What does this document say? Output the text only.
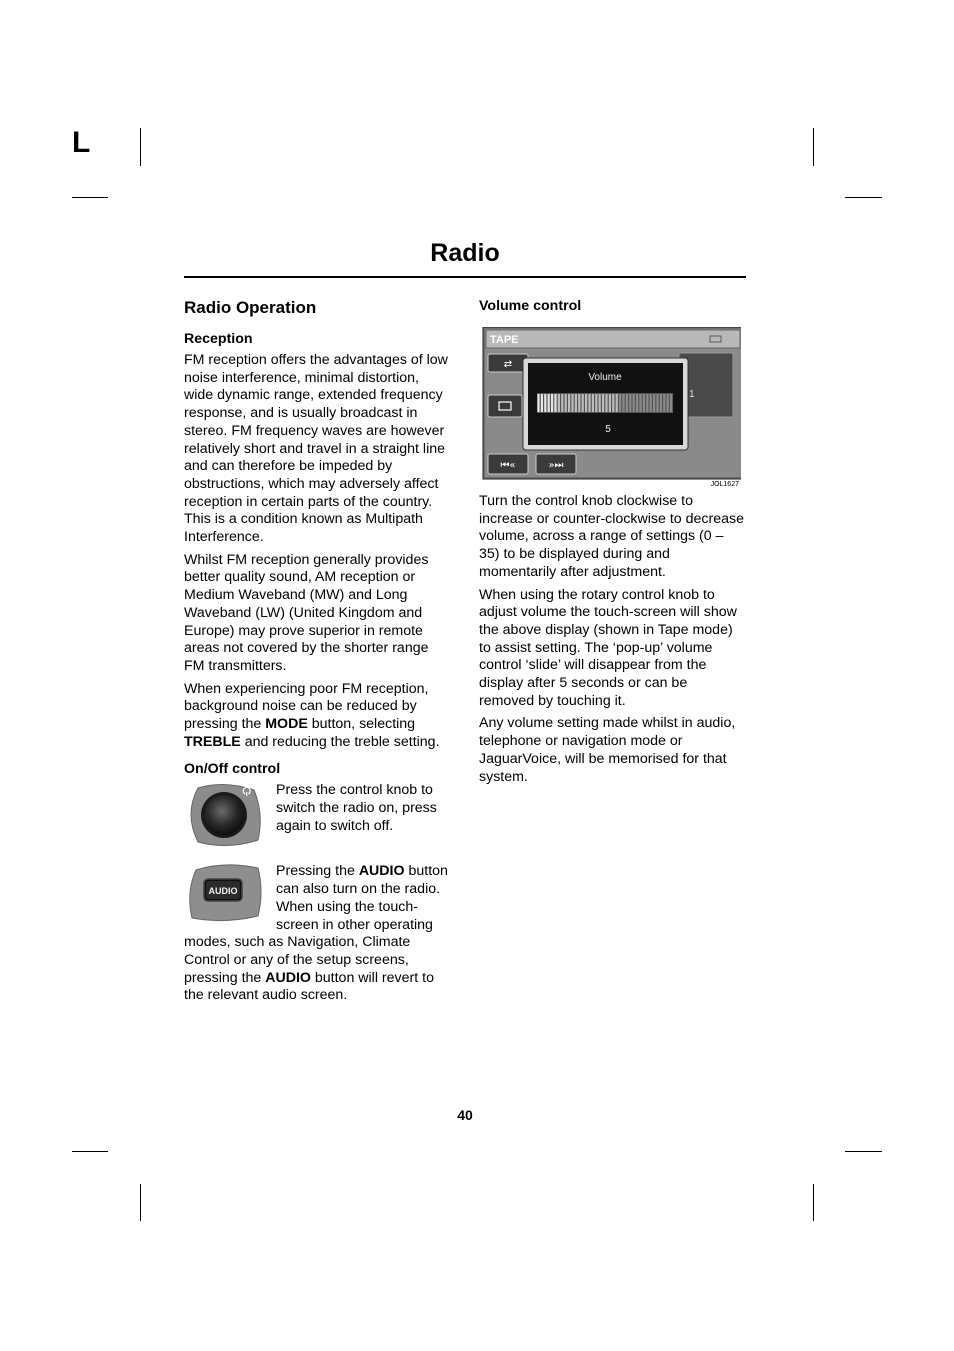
L
Radio
Radio Operation
Reception

FM reception offers the advantages of low noise interference, minimal distortion, wide dynamic range, extended frequency response, and is usually broadcast in stereo. FM frequency waves are however relatively short and travel in a straight line and can therefore be impeded by obstructions, which may adversely affect reception in certain parts of the country. This is a condition known as Multipath Interference.

Whilst FM reception generally provides better quality sound, AM reception or Medium Waveband (MW) and Long Waveband (LW) (United Kingdom and Europe) may prove superior in remote areas not covered by the shorter range FM transmitters.

When experiencing poor FM reception, background noise can be reduced by pressing the MODE button, selecting TREBLE and reducing the treble setting.

On/Off control

Press the control knob to switch the radio on, press again to switch off.

AUDIO

Pressing the AUDIO button can also turn on the radio. When using the touch-screen in other operating modes, such as Navigation, Climate Control or any of the setup screens, pressing the AUDIO button will revert to the relevant audio screen.

Volume control
TAPE
1
⇄
⏮«	»⏭
Volume
5
JOL1627

Turn the control knob clockwise to increase or counter-clockwise to decrease volume, across a range of settings (0 – 35) to be displayed during and momentarily after adjustment.

When using the rotary control knob to adjust volume the touch-screen will show the above display (shown in Tape mode) to assist setting. The ‘pop-up’ volume control ‘slide’ will disappear from the display after 5 seconds or can be removed by touching it.

Any volume setting made whilst in audio, telephone or navigation mode or JaguarVoice, will be memorised for that system.

40
